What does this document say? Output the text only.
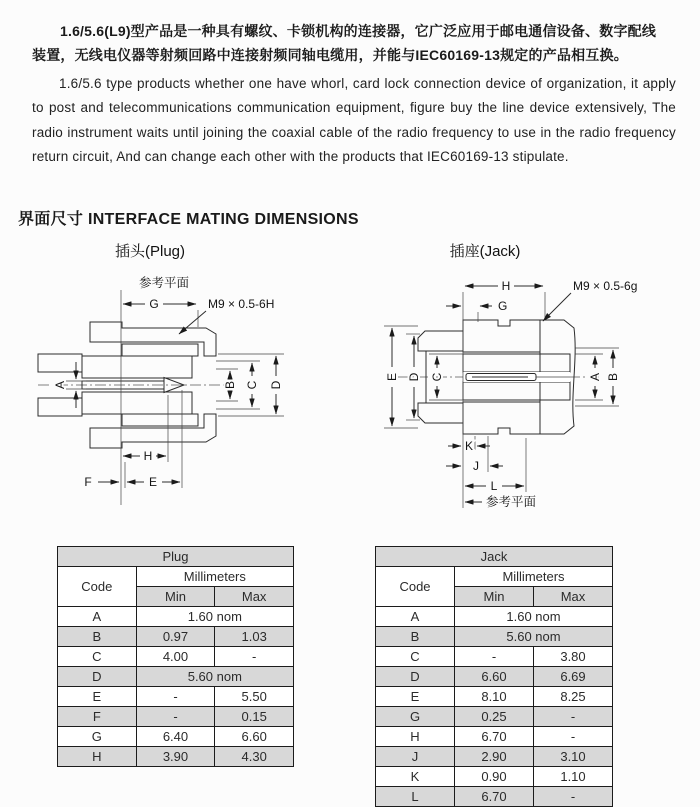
1.6/5.6(L9)型产品是一种具有螺纹、卡锁机构的连接器，它广泛应用于邮电通信设备、数字配线装置，无线电仪器等射频回路中连接射频同轴电缆用，并能与IEC60169-13规定的产品相互换。

1.6/5.6 type products whether one have whorl, card lock connection device of organization, it apply to post and telecommunications communication equipment, figure buy the line device extensively, The radio instrument waits until joining the coaxial cable of the radio frequency to use in the radio frequency return circuit, And can change each other with the products that IEC60169-13 stipulate.

界面尺寸 INTERFACE MATING DIMENSIONS
插头(Plug)	插座(Jack)
参考平面
G	M9 × 0.5-6H
A	B C D
H
F	E
H	M9 × 0.5-6g
G
E D C	A B
K
J
L
参考平面
Plug		
Code	Millimeters	
	Min	Max
A	1.60 nom	
B	0.97	1.03
C	4.00	-
D	5.60 nom	
E	-	5.50
F	-	0.15
G	6.40	6.60
H	3.90	4.30
Jack		
Code	Millimeters	
	Min	Max
A	1.60 nom	
B	5.60 nom	
C	-	3.80
D	6.60	6.69
E	8.10	8.25
G	0.25	-
H	6.70	-
J	2.90	3.10
K	0.90	1.10
L	6.70	-
